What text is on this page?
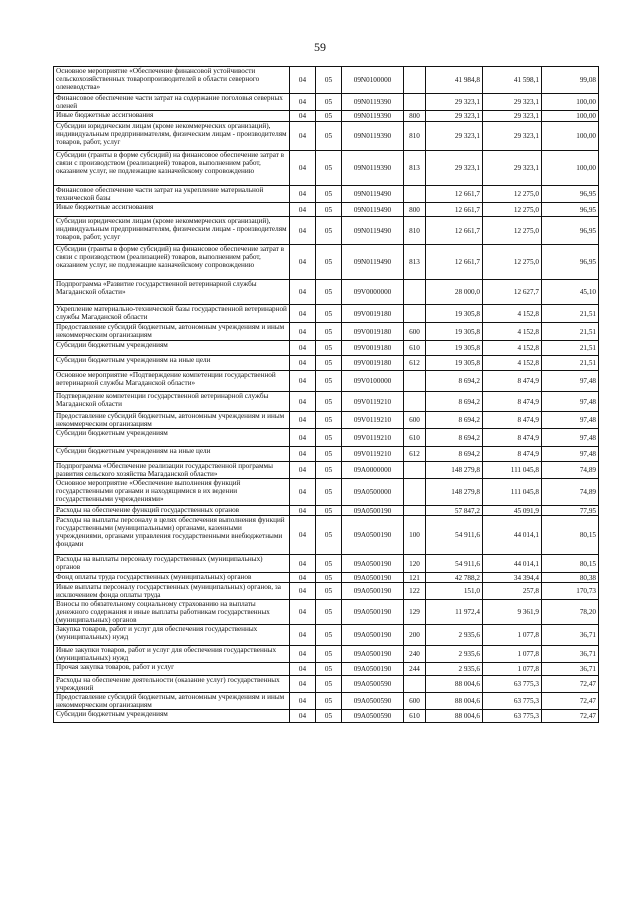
59
Основное мероприятие «Обеспечение финансовой устойчивости сельскохозяйственных товаропроизводителей в области северного оленеводства»	04	05	09N0100000		41 984,8	41 598,1	99,08
Финансовое обеспечение части затрат на содержание поголовья северных оленей	04	05	09N0119390		29 323,1	29 323,1	100,00
Иные бюджетные ассигнования	04	05	09N0119390	800	29 323,1	29 323,1	100,00
Субсидии юридическим лицам (кроме некоммерческих организаций), индивидуальным предпринимателям, физическим лицам - производителям товаров, работ, услуг	04	05	09N0119390	810	29 323,1	29 323,1	100,00
Субсидии (гранты в форме субсидий) на финансовое обеспечение затрат в связи с производством (реализацией) товаров, выполнением работ, оказанием услуг, не подлежащие казначейскому сопровождению	04	05	09N0119390	813	29 323,1	29 323,1	100,00
Финансовое обеспечение части затрат на укрепление материальной технической базы	04	05	09N0119490		12 661,7	12 275,0	96,95
Иные бюджетные ассигнования	04	05	09N0119490	800	12 661,7	12 275,0	96,95
Субсидии юридическим лицам (кроме некоммерческих организаций), индивидуальным предпринимателям, физическим лицам - производителям товаров, работ, услуг	04	05	09N0119490	810	12 661,7	12 275,0	96,95
Субсидии (гранты в форме субсидий) на финансовое обеспечение затрат в связи с производством (реализацией) товаров, выполнением работ, оказанием услуг, не подлежащие казначейскому сопровождению	04	05	09N0119490	813	12 661,7	12 275,0	96,95
Подпрограмма «Развитие государственной ветеринарной службы Магаданской области»	04	05	09V0000000		28 000,0	12 627,7	45,10
Укрепление материально-технической базы государственной ветеринарной службы Магаданской области	04	05	09V0019180		19 305,8	4 152,8	21,51
Предоставление субсидий бюджетным, автономным учреждениям и иным некоммерческим организациям	04	05	09V0019180	600	19 305,8	4 152,8	21,51
Субсидии бюджетным учреждениям	04	05	09V0019180	610	19 305,8	4 152,8	21,51
Субсидии бюджетным учреждениям на иные цели	04	05	09V0019180	612	19 305,8	4 152,8	21,51
Основное мероприятие «Подтверждение компетенции государственной ветеринарной службы Магаданской области»	04	05	09V0100000		8 694,2	8 474,9	97,48
Подтверждение компетенции государственной ветеринарной службы Магаданской области	04	05	09V0119210		8 694,2	8 474,9	97,48
Предоставление субсидий бюджетным, автономным учреждениям и иным некоммерческим организациям	04	05	09V0119210	600	8 694,2	8 474,9	97,48
Субсидии бюджетным учреждениям	04	05	09V0119210	610	8 694,2	8 474,9	97,48
Субсидии бюджетным учреждениям на иные цели	04	05	09V0119210	612	8 694,2	8 474,9	97,48
Подпрограмма «Обеспечение реализации государственной программы развития сельского хозяйства Магаданской области»	04	05	09A0000000		148 279,8	111 045,8	74,89
Основное мероприятие «Обеспечение выполнения функций государственными органами и находящимися в их ведении государственными учреждениями»	04	05	09A0500000		148 279,8	111 045,8	74,89
Расходы на обеспечение функций государственных органов	04	05	09A0500190		57 847,2	45 091,9	77,95
Расходы на выплаты персоналу в целях обеспечения выполнения функций государственными (муниципальными) органами, казенными учреждениями, органами управления государственными внебюджетными фондами	04	05	09A0500190	100	54 911,6	44 014,1	80,15
Расходы на выплаты персоналу государственных (муниципальных) органов	04	05	09A0500190	120	54 911,6	44 014,1	80,15
Фонд оплаты труда государственных (муниципальных) органов	04	05	09A0500190	121	42 788,2	34 394,4	80,38
Иные выплаты персоналу государственных (муниципальных) органов, за исключением фонда оплаты труда	04	05	09A0500190	122	151,0	257,8	170,73
Взносы по обязательному социальному страхованию на выплаты денежного содержания и иные выплаты работникам государственных (муниципальных) органов	04	05	09A0500190	129	11 972,4	9 361,9	78,20
Закупка товаров, работ и услуг для обеспечения государственных (муниципальных) нужд	04	05	09A0500190	200	2 935,6	1 077,8	36,71
Иные закупки товаров, работ и услуг для обеспечения государственных (муниципальных) нужд	04	05	09A0500190	240	2 935,6	1 077,8	36,71
Прочая закупка товаров, работ и услуг	04	05	09A0500190	244	2 935,6	1 077,8	36,71
Расходы на обеспечение деятельности (оказание услуг) государственных учреждений	04	05	09A0500590		88 004,6	63 775,3	72,47
Предоставление субсидий бюджетным, автономным учреждениям и иным некоммерческим организациям	04	05	09A0500590	600	88 004,6	63 775,3	72,47
Субсидии бюджетным учреждениям	04	05	09A0500590	610	88 004,6	63 775,3	72,47
